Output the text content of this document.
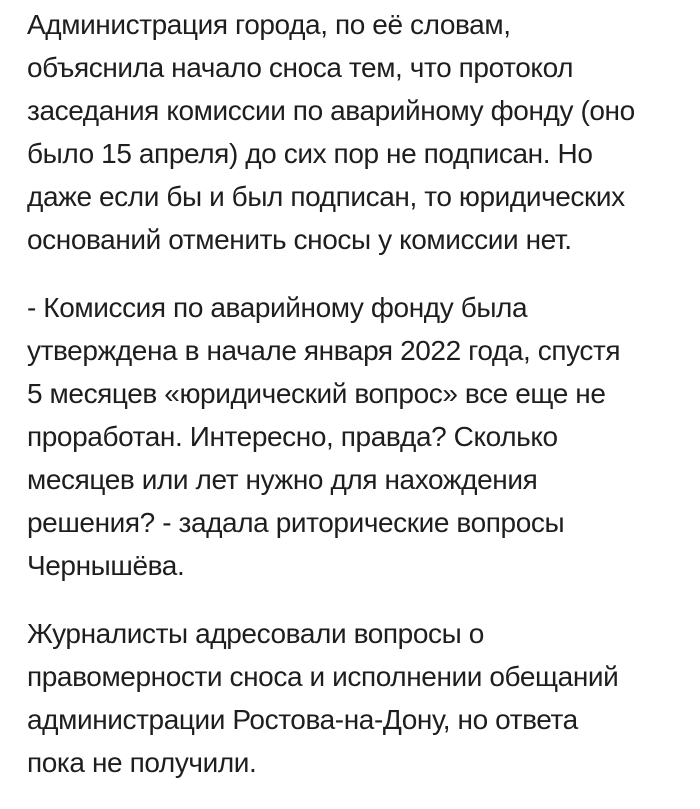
Администрация города, по её словам,
объяснила начало сноса тем, что протокол
заседания комиссии по аварийному фонду (оно
было 15 апреля) до сих пор не подписан. Но
даже если бы и был подписан, то юридических
оснований отменить сносы у комиссии нет.

- Комиссия по аварийному фонду была
утверждена в начале января 2022 года, спустя
5 месяцев «юридический вопрос» все еще не
проработан. Интересно, правда? Сколько
месяцев или лет нужно для нахождения
решения? - задала риторические вопросы
Чернышёва.

Журналисты адресовали вопросы о
правомерности сноса и исполнении обещаний
администрации Ростова-на-Дону, но ответа
пока не получили.
